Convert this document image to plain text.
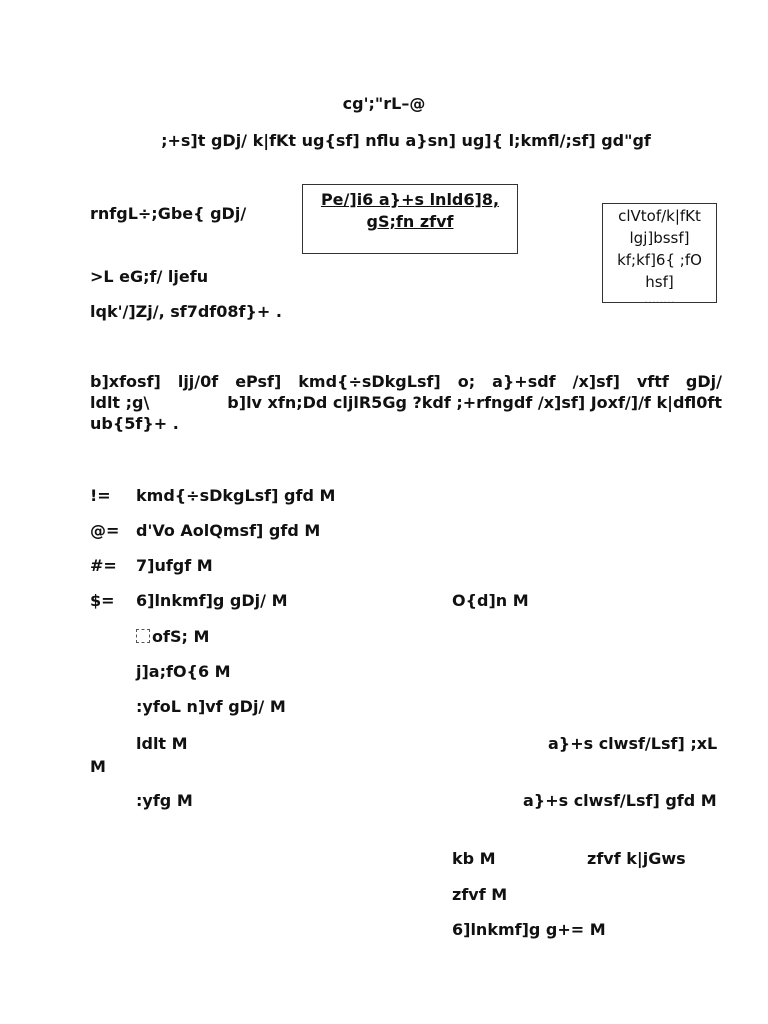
cg';"rL–@
;+s]t gDj/ k|fKt ug{sf] nflu a}sn] ug]{ l;kmfl/;sf] gd"gf
rnfgL÷;Gbe{ gDj/
Pe/]i6 a}+s lnld6]8,
gS;fn zfvf	clVtof/k|fKt
lgj]bssf]
kf;kf]6{ ;fO
hsf]
........
>L eG;f/ ljefu
lqk'/]Zj/, sf7df08f}+ .
b]xfosf] ljj/0f ePsf] kmd{÷sDkgLsf] o; a}+sdf /x]sf] vftf gDj/
ldlt ;g\	b]lv xfn;Dd cljlR5Gg ?kdf ;+rfngdf /x]sf] Joxf/]/f k|dfl0ft
ub{5f}+ .
!= kmd{÷sDkgLsf] gfd M
@= d'Vo AolQmsf] gfd M
#= 7]ufgf M
$= 6]lnkmf]g gDj/ M	O{d]n M
ofS; M
j]a;fO{6 M
:yfoL n]vf gDj/ M
ldlt M	a}+s clwsf/Lsf] ;xL
M
:yfg M	a}+s clwsf/Lsf] gfd M
kb M	zfvf k|jGws
zfvf M
6]lnkmf]g g+= M
